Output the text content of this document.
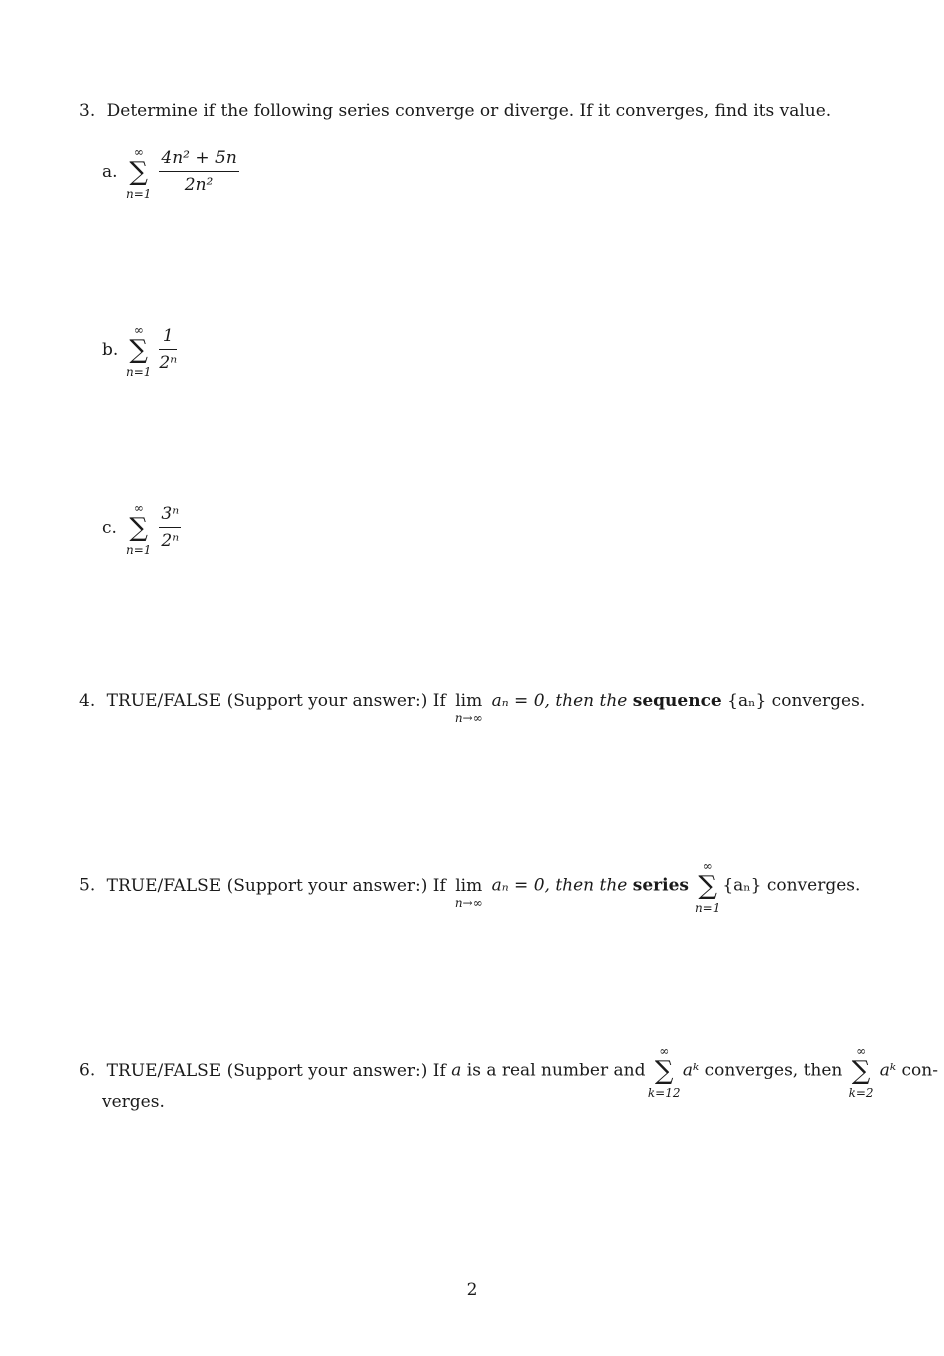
3. Determine if the following series converge or diverge. If it converges, find its value.
a.
∞
∑
n=1
$\frac{\text{4n² + 5n}}{\text{2n²}}$
b.
∞
∑
n=1
$\frac{1}{\text{2ⁿ}}$
c.
∞
∑
n=1
$\frac{\text{3ⁿ}}{\text{2ⁿ}}$
4. TRUE/FALSE (Support your answer:) If lim
n→∞
aₙ = 0, then the sequence {aₙ} converges.
5. TRUE/FALSE (Support your answer:) If lim
n→∞
aₙ = 0, then the series
∞
∑
n=1
{aₙ} converges.
6. TRUE/FALSE (Support your answer:) If a is a real number and
∞
∑
k=12
aᵏ converges, then
∞
∑
k=2
aᵏ con-
verges.
2
